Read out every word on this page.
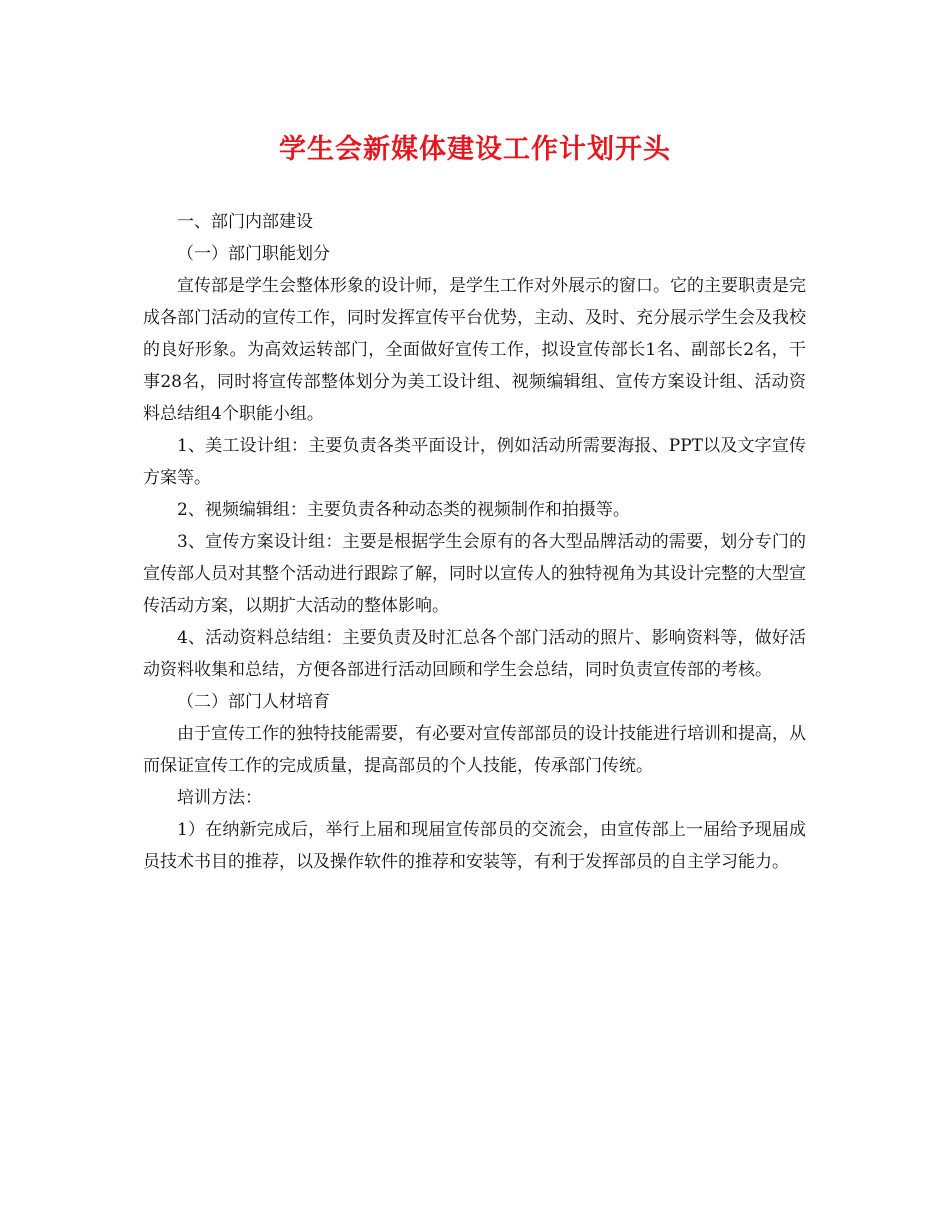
学生会新媒体建设工作计划开头

一、部门内部建设

（一）部门职能划分

宣传部是学生会整体形象的设计师，是学生工作对外展示的窗口。它的主要职责是完成各部门活动的宣传工作，同时发挥宣传平台优势，主动、及时、充分展示学生会及我校的良好形象。为高效运转部门，全面做好宣传工作，拟设宣传部长1名、副部长2名，干事28名，同时将宣传部整体划分为美工设计组、视频编辑组、宣传方案设计组、活动资料总结组4个职能小组。

1、美工设计组：主要负责各类平面设计，例如活动所需要海报、PPT以及文字宣传方案等。

2、视频编辑组：主要负责各种动态类的视频制作和拍摄等。

3、宣传方案设计组：主要是根据学生会原有的各大型品牌活动的需要，划分专门的宣传部人员对其整个活动进行跟踪了解，同时以宣传人的独特视角为其设计完整的大型宣传活动方案，以期扩大活动的整体影响。

4、活动资料总结组：主要负责及时汇总各个部门活动的照片、影响资料等，做好活动资料收集和总结，方便各部进行活动回顾和学生会总结，同时负责宣传部的考核。

（二）部门人材培育

由于宣传工作的独特技能需要，有必要对宣传部部员的设计技能进行培训和提高，从而保证宣传工作的完成质量，提高部员的个人技能，传承部门传统。

培训方法：

1）在纳新完成后，举行上届和现届宣传部员的交流会，由宣传部上一届给予现届成员技术书目的推荐，以及操作软件的推荐和安装等，有利于发挥部员的自主学习能力。
